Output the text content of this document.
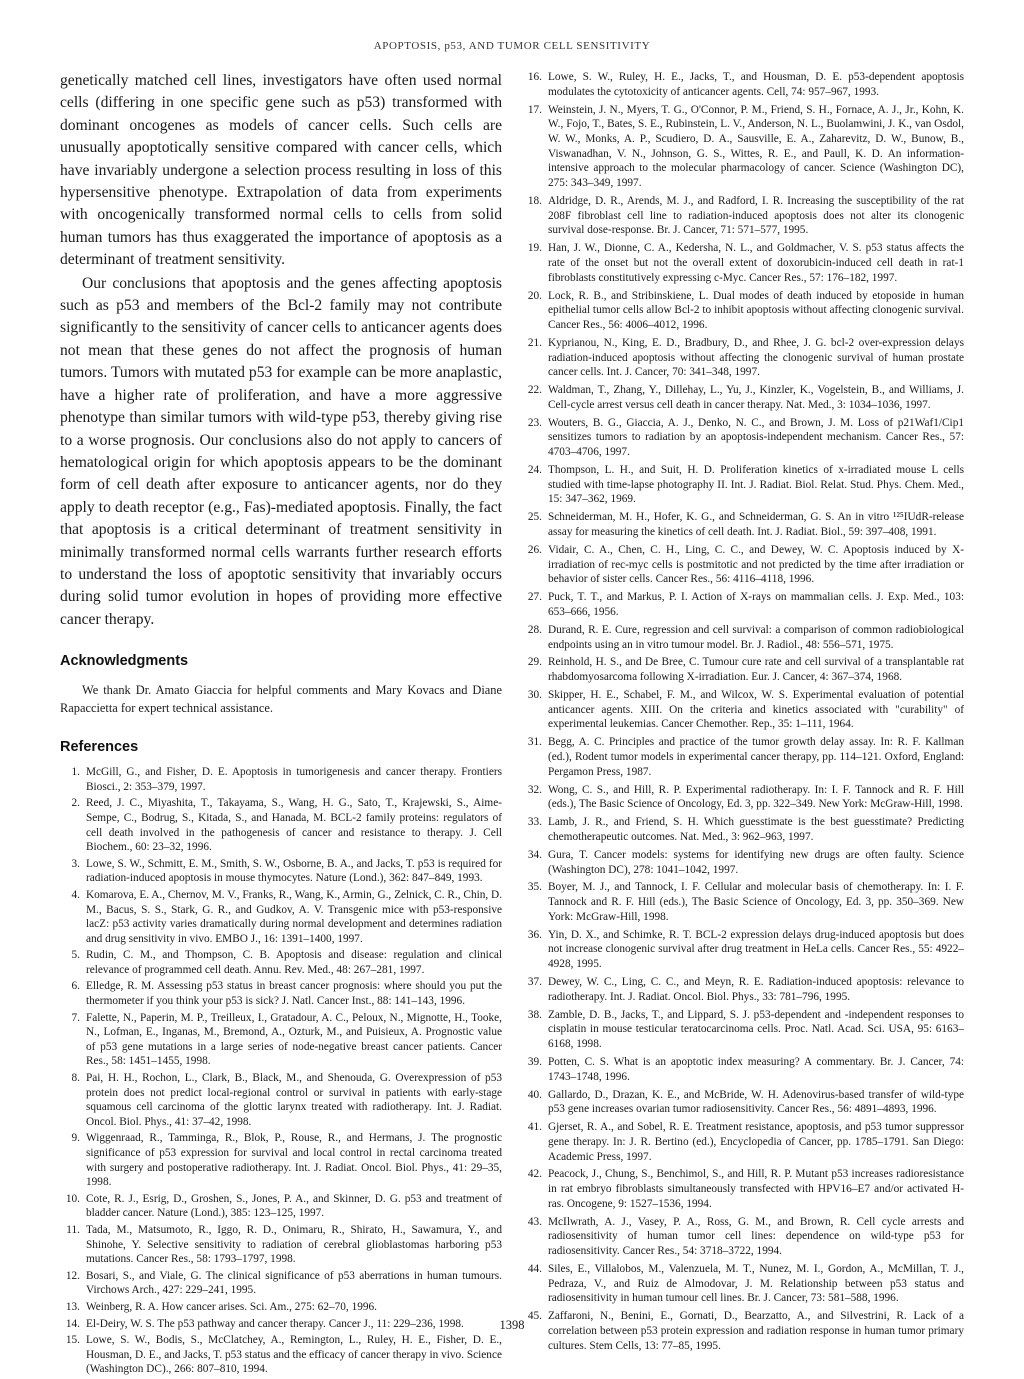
APOPTOSIS, p53, AND TUMOR CELL SENSITIVITY

genetically matched cell lines, investigators have often used normal cells (differing in one specific gene such as p53) transformed with dominant oncogenes as models of cancer cells. Such cells are unusually apoptotically sensitive compared with cancer cells, which have invariably undergone a selection process resulting in loss of this hypersensitive phenotype. Extrapolation of data from experiments with oncogenically transformed normal cells to cells from solid human tumors has thus exaggerated the importance of apoptosis as a determinant of treatment sensitivity.

Our conclusions that apoptosis and the genes affecting apoptosis such as p53 and members of the Bcl-2 family may not contribute significantly to the sensitivity of cancer cells to anticancer agents does not mean that these genes do not affect the prognosis of human tumors. Tumors with mutated p53 for example can be more anaplastic, have a higher rate of proliferation, and have a more aggressive phenotype than similar tumors with wild-type p53, thereby giving rise to a worse prognosis. Our conclusions also do not apply to cancers of hematological origin for which apoptosis appears to be the dominant form of cell death after exposure to anticancer agents, nor do they apply to death receptor (e.g., Fas)-mediated apoptosis. Finally, the fact that apoptosis is a critical determinant of treatment sensitivity in minimally transformed normal cells warrants further research efforts to understand the loss of apoptotic sensitivity that invariably occurs during solid tumor evolution in hopes of providing more effective cancer therapy.

Acknowledgments

We thank Dr. Amato Giaccia for helpful comments and Mary Kovacs and Diane Rapaccietta for expert technical assistance.

References
1. McGill, G., and Fisher, D. E. Apoptosis in tumorigenesis and cancer therapy. Frontiers Biosci., 2: 353–379, 1997.
2. Reed, J. C., Miyashita, T., Takayama, S., Wang, H. G., Sato, T., Krajewski, S., Aime-Sempe, C., Bodrug, S., Kitada, S., and Hanada, M. BCL-2 family proteins: regulators of cell death involved in the pathogenesis of cancer and resistance to therapy. J. Cell Biochem., 60: 23–32, 1996.
3. Lowe, S. W., Schmitt, E. M., Smith, S. W., Osborne, B. A., and Jacks, T. p53 is required for radiation-induced apoptosis in mouse thymocytes. Nature (Lond.), 362: 847–849, 1993.
4. Komarova, E. A., Chernov, M. V., Franks, R., Wang, K., Armin, G., Zelnick, C. R., Chin, D. M., Bacus, S. S., Stark, G. R., and Gudkov, A. V. Transgenic mice with p53-responsive lacZ: p53 activity varies dramatically during normal development and determines radiation and drug sensitivity in vivo. EMBO J., 16: 1391–1400, 1997.
5. Rudin, C. M., and Thompson, C. B. Apoptosis and disease: regulation and clinical relevance of programmed cell death. Annu. Rev. Med., 48: 267–281, 1997.
6. Elledge, R. M. Assessing p53 status in breast cancer prognosis: where should you put the thermometer if you think your p53 is sick? J. Natl. Cancer Inst., 88: 141–143, 1996.
7. Falette, N., Paperin, M. P., Treilleux, I., Gratadour, A. C., Peloux, N., Mignotte, H., Tooke, N., Lofman, E., Inganas, M., Bremond, A., Ozturk, M., and Puisieux, A. Prognostic value of p53 gene mutations in a large series of node-negative breast cancer patients. Cancer Res., 58: 1451–1455, 1998.
8. Pai, H. H., Rochon, L., Clark, B., Black, M., and Shenouda, G. Overexpression of p53 protein does not predict local-regional control or survival in patients with early-stage squamous cell carcinoma of the glottic larynx treated with radiotherapy. Int. J. Radiat. Oncol. Biol. Phys., 41: 37–42, 1998.
9. Wiggenraad, R., Tamminga, R., Blok, P., Rouse, R., and Hermans, J. The prognostic significance of p53 expression for survival and local control in rectal carcinoma treated with surgery and postoperative radiotherapy. Int. J. Radiat. Oncol. Biol. Phys., 41: 29–35, 1998.
10. Cote, R. J., Esrig, D., Groshen, S., Jones, P. A., and Skinner, D. G. p53 and treatment of bladder cancer. Nature (Lond.), 385: 123–125, 1997.
11. Tada, M., Matsumoto, R., Iggo, R. D., Onimaru, R., Shirato, H., Sawamura, Y., and Shinohe, Y. Selective sensitivity to radiation of cerebral glioblastomas harboring p53 mutations. Cancer Res., 58: 1793–1797, 1998.
12. Bosari, S., and Viale, G. The clinical significance of p53 aberrations in human tumours. Virchows Arch., 427: 229–241, 1995.
13. Weinberg, R. A. How cancer arises. Sci. Am., 275: 62–70, 1996.
14. El-Deiry, W. S. The p53 pathway and cancer therapy. Cancer J., 11: 229–236, 1998.
15. Lowe, S. W., Bodis, S., McClatchey, A., Remington, L., Ruley, H. E., Fisher, D. E., Housman, D. E., and Jacks, T. p53 status and the efficacy of cancer therapy in vivo. Science (Washington DC)., 266: 807–810, 1994.
16. Lowe, S. W., Ruley, H. E., Jacks, T., and Housman, D. E. p53-dependent apoptosis modulates the cytotoxicity of anticancer agents. Cell, 74: 957–967, 1993.
17. Weinstein, J. N., Myers, T. G., O'Connor, P. M., Friend, S. H., Fornace, A. J., Jr., Kohn, K. W., Fojo, T., Bates, S. E., Rubinstein, L. V., Anderson, N. L., Buolamwini, J. K., van Osdol, W. W., Monks, A. P., Scudiero, D. A., Sausville, E. A., Zaharevitz, D. W., Bunow, B., Viswanadhan, V. N., Johnson, G. S., Wittes, R. E., and Paull, K. D. An information-intensive approach to the molecular pharmacology of cancer. Science (Washington DC), 275: 343–349, 1997.
18. Aldridge, D. R., Arends, M. J., and Radford, I. R. Increasing the susceptibility of the rat 208F fibroblast cell line to radiation-induced apoptosis does not alter its clonogenic survival dose-response. Br. J. Cancer, 71: 571–577, 1995.
19. Han, J. W., Dionne, C. A., Kedersha, N. L., and Goldmacher, V. S. p53 status affects the rate of the onset but not the overall extent of doxorubicin-induced cell death in rat-1 fibroblasts constitutively expressing c-Myc. Cancer Res., 57: 176–182, 1997.
20. Lock, R. B., and Stribinskiene, L. Dual modes of death induced by etoposide in human epithelial tumor cells allow Bcl-2 to inhibit apoptosis without affecting clonogenic survival. Cancer Res., 56: 4006–4012, 1996.
21. Kyprianou, N., King, E. D., Bradbury, D., and Rhee, J. G. bcl-2 over-expression delays radiation-induced apoptosis without affecting the clonogenic survival of human prostate cancer cells. Int. J. Cancer, 70: 341–348, 1997.
22. Waldman, T., Zhang, Y., Dillehay, L., Yu, J., Kinzler, K., Vogelstein, B., and Williams, J. Cell-cycle arrest versus cell death in cancer therapy. Nat. Med., 3: 1034–1036, 1997.
23. Wouters, B. G., Giaccia, A. J., Denko, N. C., and Brown, J. M. Loss of p21Waf1/Cip1 sensitizes tumors to radiation by an apoptosis-independent mechanism. Cancer Res., 57: 4703–4706, 1997.
24. Thompson, L. H., and Suit, H. D. Proliferation kinetics of x-irradiated mouse L cells studied with time-lapse photography II. Int. J. Radiat. Biol. Relat. Stud. Phys. Chem. Med., 15: 347–362, 1969.
25. Schneiderman, M. H., Hofer, K. G., and Schneiderman, G. S. An in vitro ¹²⁵IUdR-release assay for measuring the kinetics of cell death. Int. J. Radiat. Biol., 59: 397–408, 1991.
26. Vidair, C. A., Chen, C. H., Ling, C. C., and Dewey, W. C. Apoptosis induced by X-irradiation of rec-myc cells is postmitotic and not predicted by the time after irradiation or behavior of sister cells. Cancer Res., 56: 4116–4118, 1996.
27. Puck, T. T., and Markus, P. I. Action of X-rays on mammalian cells. J. Exp. Med., 103: 653–666, 1956.
28. Durand, R. E. Cure, regression and cell survival: a comparison of common radiobiological endpoints using an in vitro tumour model. Br. J. Radiol., 48: 556–571, 1975.
29. Reinhold, H. S., and De Bree, C. Tumour cure rate and cell survival of a transplantable rat rhabdomyosarcoma following X-irradiation. Eur. J. Cancer, 4: 367–374, 1968.
30. Skipper, H. E., Schabel, F. M., and Wilcox, W. S. Experimental evaluation of potential anticancer agents. XIII. On the criteria and kinetics associated with "curability" of experimental leukemias. Cancer Chemother. Rep., 35: 1–111, 1964.
31. Begg, A. C. Principles and practice of the tumor growth delay assay. In: R. F. Kallman (ed.), Rodent tumor models in experimental cancer therapy, pp. 114–121. Oxford, England: Pergamon Press, 1987.
32. Wong, C. S., and Hill, R. P. Experimental radiotherapy. In: I. F. Tannock and R. F. Hill (eds.), The Basic Science of Oncology, Ed. 3, pp. 322–349. New York: McGraw-Hill, 1998.
33. Lamb, J. R., and Friend, S. H. Which guesstimate is the best guesstimate? Predicting chemotherapeutic outcomes. Nat. Med., 3: 962–963, 1997.
34. Gura, T. Cancer models: systems for identifying new drugs are often faulty. Science (Washington DC), 278: 1041–1042, 1997.
35. Boyer, M. J., and Tannock, I. F. Cellular and molecular basis of chemotherapy. In: I. F. Tannock and R. F. Hill (eds.), The Basic Science of Oncology, Ed. 3, pp. 350–369. New York: McGraw-Hill, 1998.
36. Yin, D. X., and Schimke, R. T. BCL-2 expression delays drug-induced apoptosis but does not increase clonogenic survival after drug treatment in HeLa cells. Cancer Res., 55: 4922–4928, 1995.
37. Dewey, W. C., Ling, C. C., and Meyn, R. E. Radiation-induced apoptosis: relevance to radiotherapy. Int. J. Radiat. Oncol. Biol. Phys., 33: 781–796, 1995.
38. Zamble, D. B., Jacks, T., and Lippard, S. J. p53-dependent and -independent responses to cisplatin in mouse testicular teratocarcinoma cells. Proc. Natl. Acad. Sci. USA, 95: 6163–6168, 1998.
39. Potten, C. S. What is an apoptotic index measuring? A commentary. Br. J. Cancer, 74: 1743–1748, 1996.
40. Gallardo, D., Drazan, K. E., and McBride, W. H. Adenovirus-based transfer of wild-type p53 gene increases ovarian tumor radiosensitivity. Cancer Res., 56: 4891–4893, 1996.
41. Gjerset, R. A., and Sobel, R. E. Treatment resistance, apoptosis, and p53 tumor suppressor gene therapy. In: J. R. Bertino (ed.), Encyclopedia of Cancer, pp. 1785–1791. San Diego: Academic Press, 1997.
42. Peacock, J., Chung, S., Benchimol, S., and Hill, R. P. Mutant p53 increases radioresistance in rat embryo fibroblasts simultaneously transfected with HPV16–E7 and/or activated H-ras. Oncogene, 9: 1527–1536, 1994.
43. McIlwrath, A. J., Vasey, P. A., Ross, G. M., and Brown, R. Cell cycle arrests and radiosensitivity of human tumor cell lines: dependence on wild-type p53 for radiosensitivity. Cancer Res., 54: 3718–3722, 1994.
44. Siles, E., Villalobos, M., Valenzuela, M. T., Nunez, M. I., Gordon, A., McMillan, T. J., Pedraza, V., and Ruiz de Almodovar, J. M. Relationship between p53 status and radiosensitivity in human tumour cell lines. Br. J. Cancer, 73: 581–588, 1996.
45. Zaffaroni, N., Benini, E., Gornati, D., Bearzatto, A., and Silvestrini, R. Lack of a correlation between p53 protein expression and radiation response in human tumor primary cultures. Stem Cells, 13: 77–85, 1995.
1398
